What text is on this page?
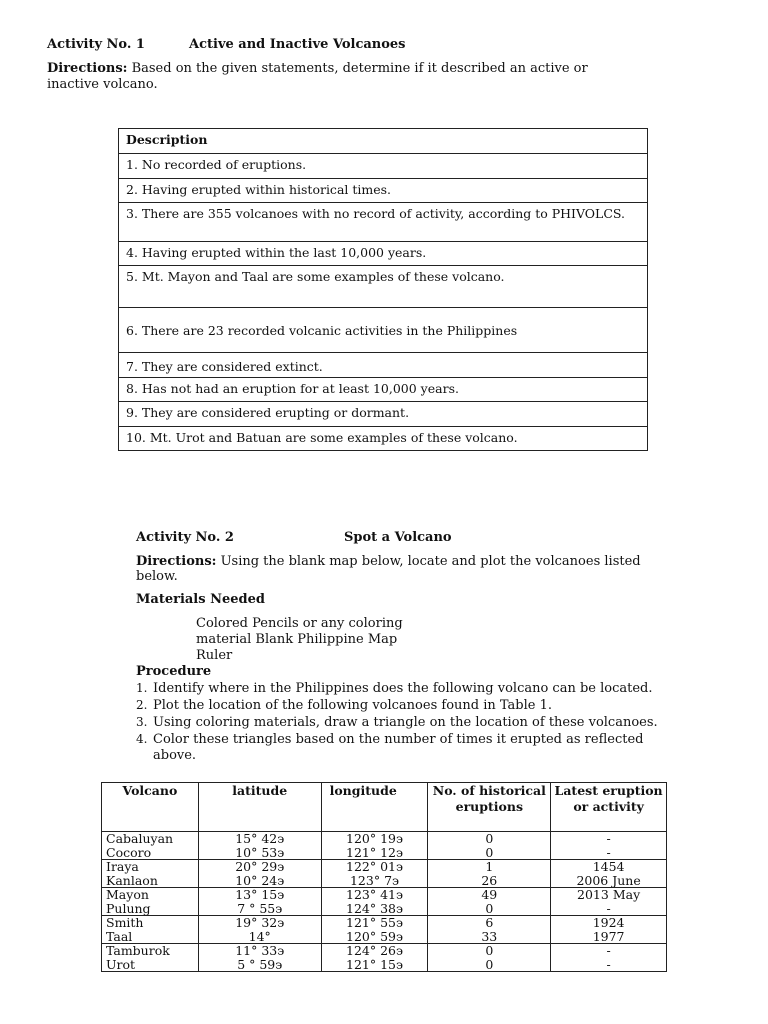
Activity No. 1	Active and Inactive Volcanoes
Directions: Based on the given statements, determine if it described an active or
inactive volcano.
Description
1. No recorded of eruptions.
2. Having erupted within historical times.
3. There are 355 volcanoes with no record of activity, according to PHIVOLCS.
4. Having erupted within the last 10,000 years.
5. Mt. Mayon and Taal are some examples of these volcano.
6. There are 23 recorded volcanic activities in the Philippines
7. They are considered extinct.
8. Has not had an eruption for at least 10,000 years.
9. They are considered erupting or dormant.
10. Mt. Urot and Batuan are some examples of these volcano.
Activity No. 2	Spot a Volcano
Directions: Using the blank map below, locate and plot the volcanoes listed
below.
Materials Needed
Colored Pencils or any coloring
material Blank Philippine Map
Ruler
Procedure
1. Identify where in the Philippines does the following volcano can be located.
2. Plot the location of the following volcanoes found in Table 1.
3. Using coloring materials, draw a triangle on the location of these volcanoes.
4. Color these triangles based on the number of times it erupted as reflected
above.
Volcano	latitude	longitude	No. of historical eruptions	Latest eruption or activity
Cabaluyan	15° 42϶	120° 19϶	0	-
Cocoro	10° 53϶	121° 12϶	0	-
Iraya	20° 29϶	122° 01϶	1	1454
Kanlaon	10° 24϶	123° 7϶	26	2006 June
Mayon	13° 15϶	123° 41϶	49	2013 May
Pulung	7 ° 55϶	124° 38϶	0	-
Smith	19° 32϶	121° 55϶	6	1924
Taal	14°	120° 59϶	33	1977
Tamburok	11° 33϶	124° 26϶	0	-
Urot	5 ° 59϶	121° 15϶	0	-
